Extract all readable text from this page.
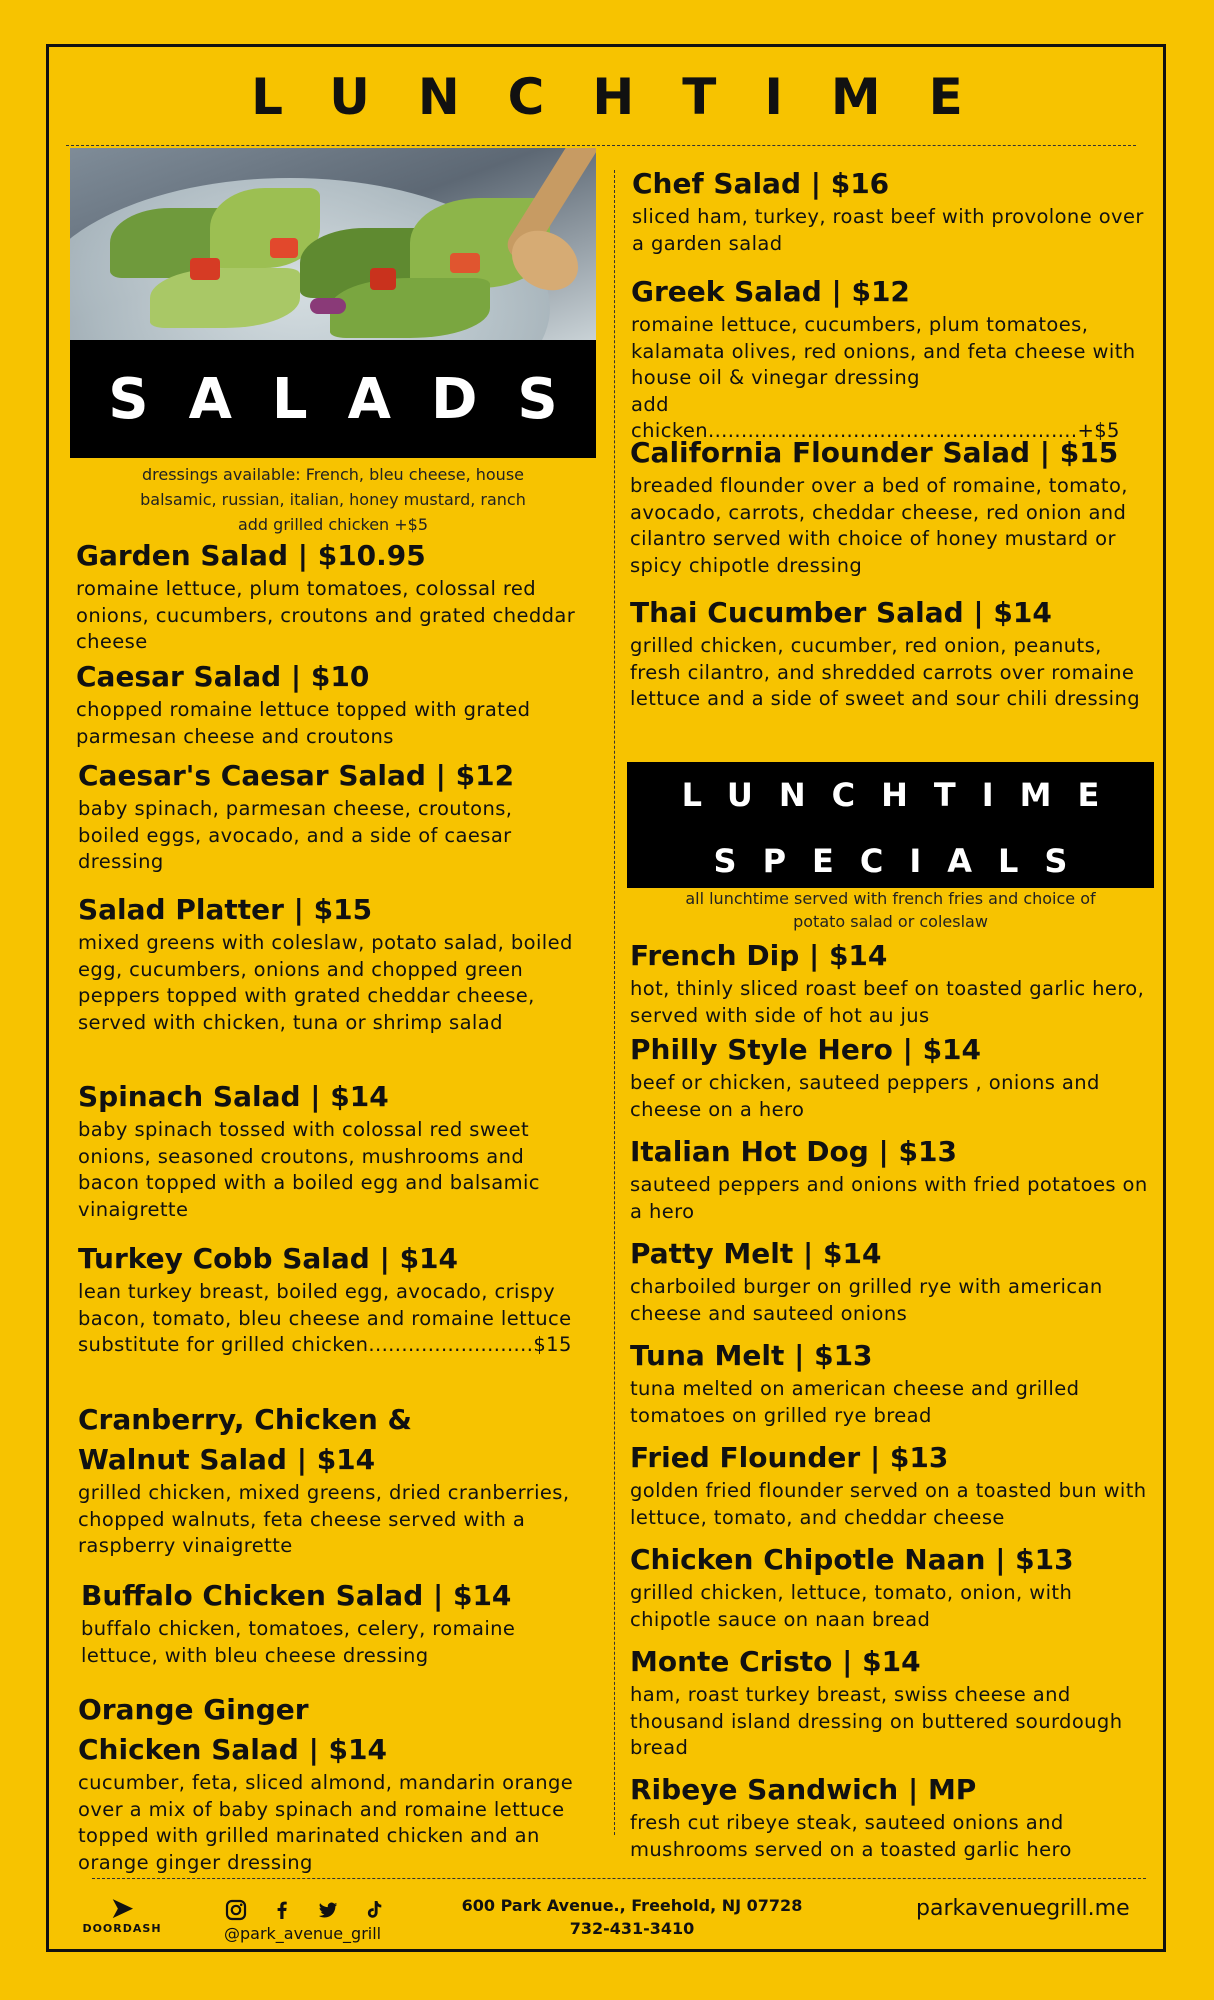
LUNCHTIME
SALADS
dressings available: French, bleu cheese, house
balsamic, russian, italian, honey mustard, ranch
add grilled chicken +$5
Garden Salad | $10.95

romaine lettuce, plum tomatoes, colossal red onions, cucumbers, croutons and grated cheddar cheese

Caesar Salad | $10

chopped romaine lettuce topped with grated parmesan cheese and croutons

Caesar's Caesar Salad | $12

baby spinach, parmesan cheese, croutons, boiled eggs, avocado, and a side of caesar dressing

Salad Platter | $15

mixed greens with coleslaw, potato salad, boiled egg, cucumbers, onions and chopped green peppers topped with grated cheddar cheese, served with chicken, tuna or shrimp salad

Spinach Salad | $14

baby spinach tossed with colossal red sweet onions, seasoned croutons, mushrooms and bacon topped with a boiled egg and balsamic vinaigrette

Turkey Cobb Salad | $14

lean turkey breast, boiled egg, avocado, crispy bacon, tomato, bleu cheese and romaine lettuce

substitute for grilled chicken.........................$15

Cranberry, Chicken &
Walnut Salad | $14

grilled chicken, mixed greens, dried cranberries, chopped walnuts, feta cheese served with a raspberry vinaigrette

Buffalo Chicken Salad | $14

buffalo chicken, tomatoes, celery, romaine lettuce, with bleu cheese dressing

Orange Ginger
Chicken Salad | $14

cucumber, feta, sliced almond, mandarin orange over a mix of baby spinach and romaine lettuce topped with grilled marinated chicken and an orange ginger dressing

Chef Salad | $16

sliced ham, turkey, roast beef with provolone over a garden salad

Greek Salad | $12

romaine lettuce, cucumbers, plum tomatoes, kalamata olives, red onions, and feta cheese with house oil & vinegar dressing

add chicken........................................................+$5

California Flounder Salad | $15

breaded flounder over a bed of romaine, tomato, avocado, carrots, cheddar cheese, red onion and cilantro served with choice of honey mustard or spicy chipotle dressing

Thai Cucumber Salad | $14

grilled chicken, cucumber, red onion, peanuts, fresh cilantro, and shredded carrots over romaine lettuce and a side of sweet and sour chili dressing

LUNCHTIME
SPECIALS
all lunchtime served with french fries and choice of
potato salad or coleslaw
French Dip | $14

hot, thinly sliced roast beef on toasted garlic hero, served with side of hot au jus

Philly Style Hero | $14

beef or chicken, sauteed peppers , onions and cheese on a hero

Italian Hot Dog | $13

sauteed peppers and onions with fried potatoes on a hero

Patty Melt | $14

charboiled burger on grilled rye with american cheese and sauteed onions

Tuna Melt | $13

tuna melted on american cheese and grilled tomatoes on grilled rye bread

Fried Flounder | $13

golden fried flounder served on a toasted bun with lettuce, tomato, and cheddar cheese

Chicken Chipotle Naan | $13

grilled chicken, lettuce, tomato, onion, with chipotle sauce on naan bread

Monte Cristo | $14

ham, roast turkey breast, swiss cheese and thousand island dressing on buttered sourdough bread

Ribeye Sandwich | MP

fresh cut ribeye steak, sauteed onions and mushrooms served on a toasted garlic hero

➤
DOORDASH	@park_avenue_grill
600 Park Avenue., Freehold, NJ 07728
732-431-3410
parkavenuegrill.me
